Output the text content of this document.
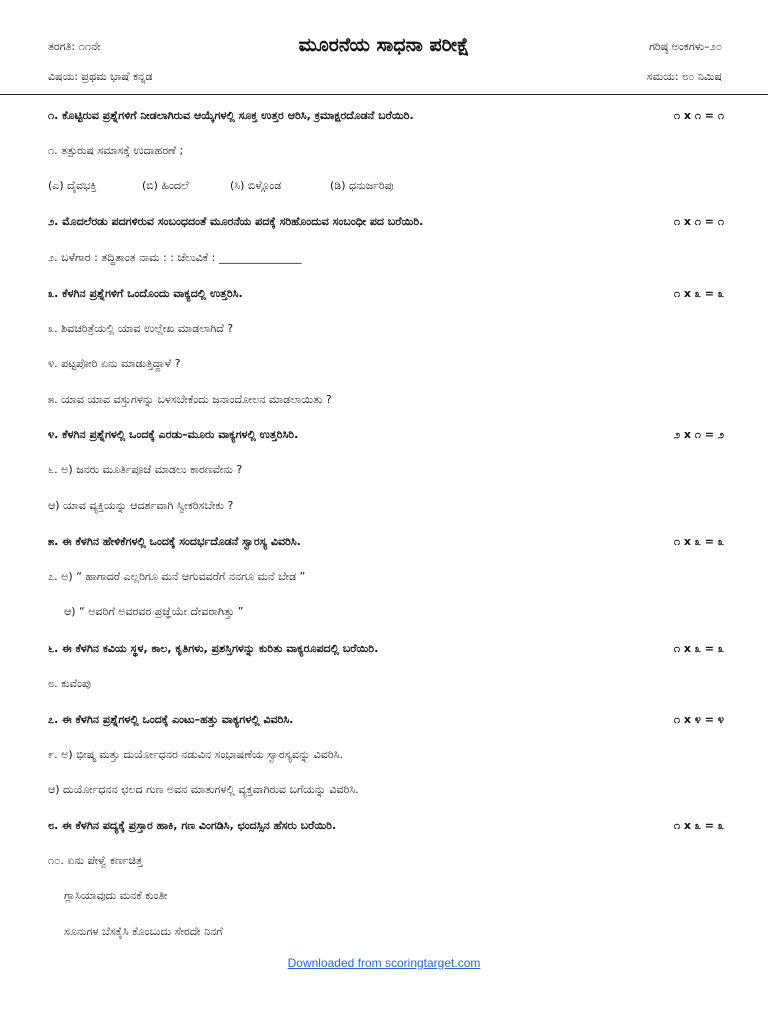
ತರಗತಿ: ೧೧ನೇ	ಮೂರನೆಯ ಸಾಧನಾ ಪರೀಕ್ಷೆ	ಗರಿಷ್ಠ ಅಂಕಗಳು–೨೦
ವಿಷಯ: ಪ್ರಥಮ ಭಾಷೆ ಕನ್ನಡ	ಸಮಯ: ೮೦ ನಿಮಿಷ
೧. ಕೊಟ್ಟಿರುವ ಪ್ರಶ್ನೆಗಳಿಗೆ ನೀಡಲಾಗಿರುವ ಆಯ್ಕೆಗಳಲ್ಲಿ ಸೂಕ್ತ ಉತ್ತರ ಆರಿಸಿ, ಕ್ರಮಾಕ್ಷರದೊಡನೆ ಬರೆಯಿರಿ.	೧ x ೧ = ೧
೧. ತತ್ಪುರುಷ ಸಮಾಸಕ್ಕೆ ಉದಾಹರಣೆ ;
(ಎ) ದೈವಭಕ್ತಿ	(ಬಿ) ಹಿಂದಲೆ	(ಸಿ) ಬಿಳ್ಗೊಂಡ	(ಡಿ) ಧನುರ್ಜರಿಪು
೨. ಮೊದಲೆರಡು ಪದಗಳಿರುವ ಸಂಬಂಧದಂತೆ ಮೂರನೆಯ ಪದಕ್ಕೆ ಸರಿಹೊಂದುವ ಸಂಬಂಧೀ ಪದ ಬರೆಯಿರಿ.	೧ x ೧ = ೧
೨. ಬಳೆಗಾರ : ತದ್ಧಿತಾಂತ ನಾಮ : : ಚೆಲುವಿಕೆ : _______________
೩. ಕೆಳಗಿನ ಪ್ರಶ್ನೆಗಳಿಗೆ ಒಂದೊಂದು ವಾಕ್ಯದಲ್ಲಿ ಉತ್ತರಿಸಿ.	೧ x ೩ = ೩
೩. ಶಿವಚರಿತ್ರೆಯಲ್ಲಿ ಯಾವ ಉಲ್ಲೇಖ ಮಾಡಲಾಗಿದೆ ?
೪. ಪಟ್ಟಪೋರಿ ಏನು ಮಾಡುತ್ತಿದ್ದಾಳೆ ?
೫. ಯಾವ ಯಾವ ವಸ್ತುಗಳನ್ನು ಬಳಸಬೇಕೆಂದು ಜನಾಂದೋಲನ ಮಾಡಲಾಯಿತು ?
೪. ಕೆಳಗಿನ ಪ್ರಶ್ನೆಗಳಲ್ಲಿ ಒಂದಕ್ಕೆ ಎರಡು–ಮೂರು ವಾಕ್ಯಗಳಲ್ಲಿ ಉತ್ತರಿಸಿರಿ.	೨ x ೧ = ೨
೬. ಅ) ಜನರು ಮೂರ್ತಿಪೂಜೆ ಮಾಡಲು ಕಾರಣವೇನು ?
ಆ) ಯಾವ ವ್ಯಕ್ತಿಯನ್ನು ಆದರ್ಶವಾಗಿ ಸ್ವೀಕರಿಸಬೇಕು ?
೫. ಈ ಕೆಳಗಿನ ಹೇಳಿಕೆಗಳಲ್ಲಿ ಒಂದಕ್ಕೆ ಸಂದರ್ಭದೊಡನೆ ಸ್ವಾರಸ್ಯ ವಿವರಿಸಿ.	೧ x ೩ = ೩
೭. ಅ) “ ಹಾಗಾದರೆ ಎಲ್ಲರಿಗೂ ಮನೆ ಆಗುವವರೆಗೆ ನನಗೂ ಮನೆ ಬೇಡ ”
ಆ) “ ಅವರಿಗೆ ಅವರವರ ಪ್ರಜ್ಞೆಯೇ ದೇವರಾಗಿತ್ತು ”
೬. ಈ ಕೆಳಗಿನ ಕವಿಯ ಸ್ಥಳ, ಕಾಲ, ಕೃತಿಗಳು, ಪ್ರಶಸ್ತಿಗಳನ್ನು ಕುರಿತು ವಾಕ್ಯರೂಪದಲ್ಲಿ ಬರೆಯಿರಿ.	೧ x ೩ = ೩
೮. ಕುವೆಂಪು
೭. ಈ ಕೆಳಗಿನ ಪ್ರಶ್ನೆಗಳಲ್ಲಿ ಒಂದಕ್ಕೆ ಎಂಟು–ಹತ್ತು ವಾಕ್ಯಗಳಲ್ಲಿ ವಿವರಿಸಿ.	೧ x ೪ = ೪
೯. ಅ) ಭೀಷ್ಮ ಮತ್ತು ದುರ್ಯೋಧನರ ನಡುವಿನ ಸಂಭಾಷಣೆಯ ಸ್ವಾರಸ್ಯವನ್ನು ವಿವರಿಸಿ.
ಆ) ದುರ್ಯೋಧನನ ಛಲದ ಗುಣ ಅವನ ಮಾತುಗಳಲ್ಲಿ ವ್ಯಕ್ತವಾಗಿರುವ ಬಗೆಯನ್ನು ವಿವರಿಸಿ.
೮. ಈ ಕೆಳಗಿನ ಪದ್ಯಕ್ಕೆ ಪ್ರಸ್ತಾರ ಹಾಕಿ, ಗಣ ವಿಂಗಡಿಸಿ, ಛಂದಸ್ಸಿನ ಹೆಸರು ಬರೆಯಿರಿ.	೧ x ೩ = ೩
೧೦. ಏನು ಪೇಳ್ವೆ ಕರ್ಣಚಿತ್ತ
ಗ್ಲಾಸಿಯಾವುದು ಮನಕೆ ಕುಂತೀ
ಸೂನುಗಳ ಬೆಸಕೈಸಿ ಕೊಂಬುದು ಸೇರದೇ ನಿನಗೆ
Downloaded from scoringtarget.com
